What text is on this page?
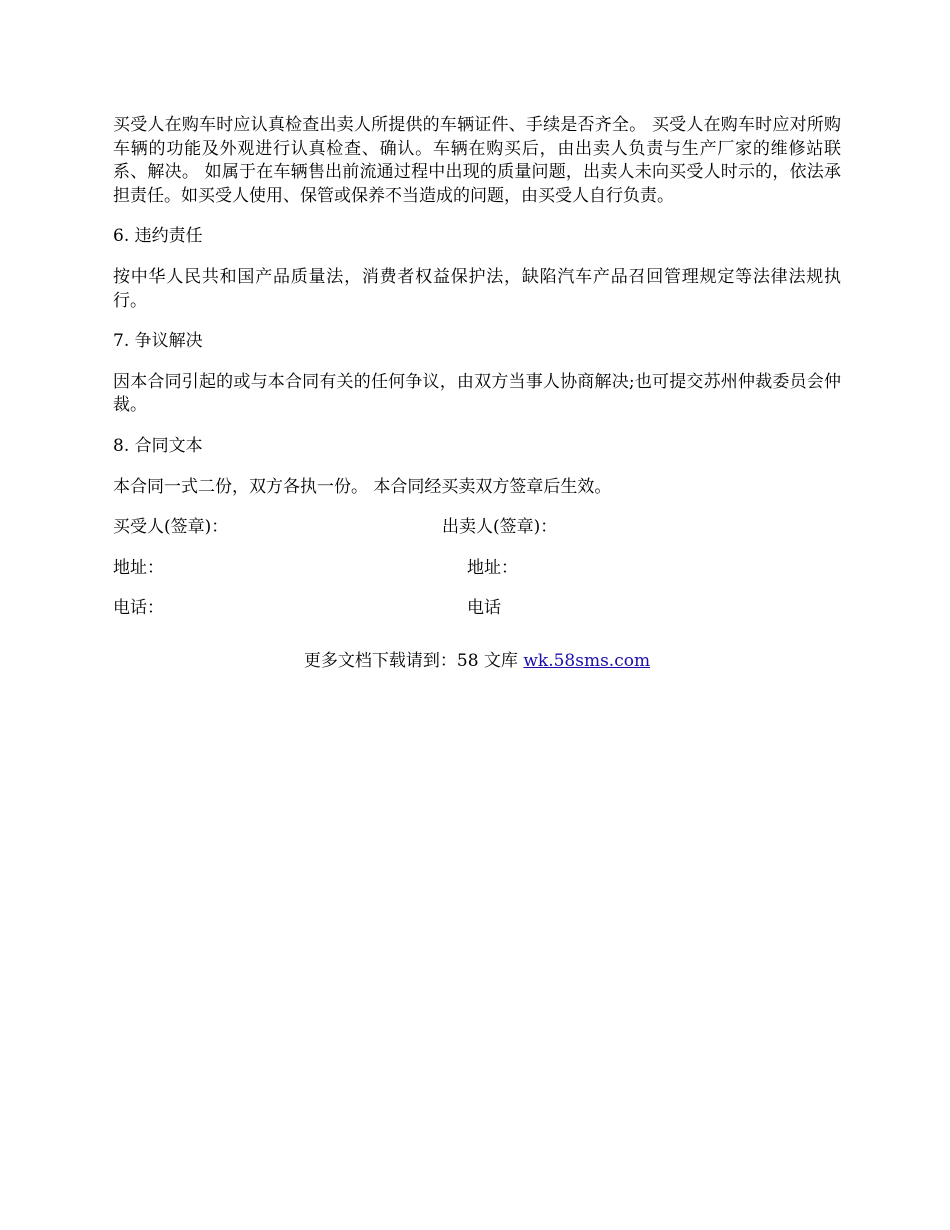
买受人在购车时应认真检查出卖人所提供的车辆证件、手续是否齐全。 买受人在购车时应对所购车辆的功能及外观进行认真检查、确认。车辆在购买后，由出卖人负责与生产厂家的维修站联系、解决。 如属于在车辆售出前流通过程中出现的质量问题，出卖人未向买受人时示的，依法承担责任。如买受人使用、保管或保养不当造成的问题，由买受人自行负责。

6. 违约责任

按中华人民共和国产品质量法，消费者权益保护法，缺陷汽车产品召回管理规定等法律法规执行。

7. 争议解决

因本合同引起的或与本合同有关的任何争议，由双方当事人协商解决;也可提交苏州仲裁委员会仲裁。

8. 合同文本

本合同一式二份，双方各执一份。 本合同经买卖双方签章后生效。

买受人(签章)：	出卖人(签章)：
地址：	地址：
电话：	电话
更多文档下载请到：58 文库 wk.58sms.com
